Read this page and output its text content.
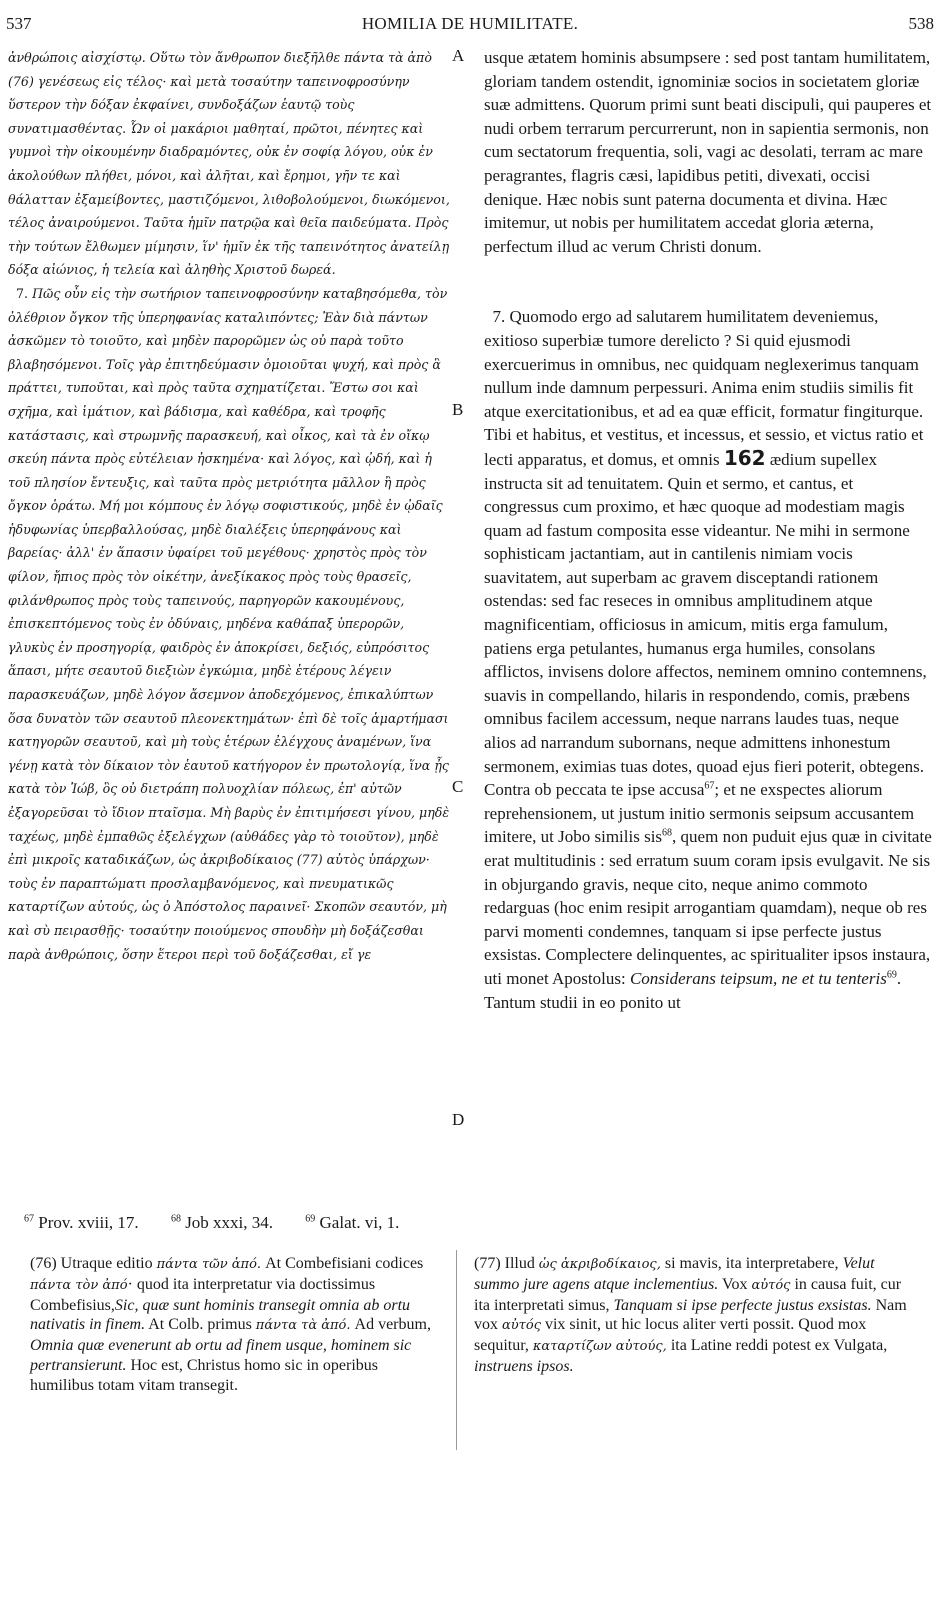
537	HOMILIA DE HUMILITATE.	538

ἀνθρώποις αἰσχίστῳ. Οὕτω τὸν ἄνθρωπον διεξῆλθε πάντα τὰ ἀπὸ (76) γενέσεως εἰς τέλος· καὶ μετὰ τοσαύτην ταπεινοφροσύνην ὕστερον τὴν δόξαν ἐκφαίνει, συνδοξάζων ἑαυτῷ τοὺς συνατιμασθέντας. Ὧν οἱ μακάριοι μαθηταί, πρῶτοι, πένητες καὶ γυμνοὶ τὴν οἰκουμένην διαδραμόντες, οὐκ ἐν σοφίᾳ λόγου, οὐκ ἐν ἀκολούθων πλήθει, μόνοι, καὶ ἀλῆται, καὶ ἔρημοι, γῆν τε καὶ θάλατταν ἐξαμείβοντες, μαστιζόμενοι, λιθοβολούμενοι, διωκόμενοι, τέλος ἀναιρούμενοι. Ταῦτα ἡμῖν πατρῷα καὶ θεῖα παιδεύματα. Πρὸς τὴν τούτων ἔλθωμεν μίμησιν, ἵν' ἡμῖν ἐκ τῆς ταπεινότητος ἀνατείλῃ δόξα αἰώνιος, ἡ τελεία καὶ ἀληθὴς Χριστοῦ δωρεά.

7. Πῶς οὖν εἰς τὴν σωτήριον ταπεινοφροσύνην καταβησόμεθα, τὸν ὀλέθριον ὄγκον τῆς ὑπερηφανίας καταλιπόντες; Ἐὰν διὰ πάντων ἀσκῶμεν τὸ τοιοῦτο, καὶ μηδὲν παρορῶμεν ὡς οὐ παρὰ τοῦτο βλαβησόμενοι. Τοῖς γὰρ ἐπιτηδεύμασιν ὁμοιοῦται ψυχή, καὶ πρὸς ἃ πράττει, τυποῦται, καὶ πρὸς ταῦτα σχηματίζεται. Ἔστω σοι καὶ σχῆμα, καὶ ἱμάτιον, καὶ βάδισμα, καὶ καθέδρα, καὶ τροφῆς κατάστασις, καὶ στρωμνῆς παρασκευή, καὶ οἶκος, καὶ τὰ ἐν οἴκῳ σκεύη πάντα πρὸς εὐτέλειαν ἠσκημένα· καὶ λόγος, καὶ ᾠδή, καὶ ἡ τοῦ πλησίον ἔντευξις, καὶ ταῦτα πρὸς μετριότητα μᾶλλον ἢ πρὸς ὄγκον ὁράτω. Μή μοι κόμπους ἐν λόγῳ σοφιστικούς, μηδὲ ἐν ᾠδαῖς ἡδυφωνίας ὑπερβαλλούσας, μηδὲ διαλέξεις ὑπερηφάνους καὶ βαρείας· ἀλλ' ἐν ἅπασιν ὑφαίρει τοῦ μεγέθους· χρηστὸς πρὸς τὸν φίλον, ἤπιος πρὸς τὸν οἰκέτην, ἀνεξίκακος πρὸς τοὺς θρασεῖς, φιλάνθρωπος πρὸς τοὺς ταπεινούς, παρηγορῶν κακουμένους, ἐπισκεπτόμενος τοὺς ἐν ὀδύναις, μηδένα καθάπαξ ὑπερορῶν, γλυκὺς ἐν προσηγορίᾳ, φαιδρὸς ἐν ἀποκρίσει, δεξιός, εὐπρόσιτος ἅπασι, μήτε σεαυτοῦ διεξιὼν ἐγκώμια, μηδὲ ἑτέρους λέγειν παρασκευάζων, μηδὲ λόγον ἄσεμνον ἀποδεχόμενος, ἐπικαλύπτων ὅσα δυνατὸν τῶν σεαυτοῦ πλεονεκτημάτων· ἐπὶ δὲ τοῖς ἁμαρτήμασι κατηγορῶν σεαυτοῦ, καὶ μὴ τοὺς ἑτέρων ἐλέγχους ἀναμένων, ἵνα γένῃ κατὰ τὸν δίκαιον τὸν ἑαυτοῦ κατήγορον ἐν πρωτολογίᾳ, ἵνα ᾖς κατὰ τὸν Ἰώβ, ὃς οὐ διετράπη πολυοχλίαν πόλεως, ἐπ' αὐτῶν ἐξαγορεῦσαι τὸ ἴδιον πταῖσμα. Μὴ βαρὺς ἐν ἐπιτιμήσεσι γίνου, μηδὲ ταχέως, μηδὲ ἐμπαθῶς ἐξελέγχων (αὐθάδες γὰρ τὸ τοιοῦτον), μηδὲ ἐπὶ μικροῖς καταδικάζων, ὡς ἀκριβοδίκαιος (77) αὐτὸς ὑπάρχων· τοὺς ἐν παραπτώματι προσλαμβανόμενος, καὶ πνευματικῶς καταρτίζων αὐτούς, ὡς ὁ Ἀπόστολος παραινεῖ· Σκοπῶν σεαυτόν, μὴ καὶ σὺ πειρασθῇς· τοσαύτην ποιούμενος σπουδὴν μὴ δοξάζεσθαι παρὰ ἀνθρώποις, ὅσην ἕτεροι περὶ τοῦ δοξάζεσθαι, εἴ γε

A
B
C
D

usque ætatem hominis absumpsere : sed post tantam humilitatem, gloriam tandem ostendit, ignominiæ socios in societatem gloriæ suæ admittens. Quorum primi sunt beati discipuli, qui pauperes et nudi orbem terrarum percurrerunt, non in sapientia sermonis, non cum sectatorum frequentia, soli, vagi ac desolati, terram ac mare peragrantes, flagris cæsi, lapidibus petiti, divexati, occisi denique. Hæc nobis sunt paterna documenta et divina. Hæc imitemur, ut nobis per humilitatem accedat gloria æterna, perfectum illud ac verum Christi donum.

7. Quomodo ergo ad salutarem humilitatem deveniemus, exitioso superbiæ tumore derelicto ? Si quid ejusmodi exercuerimus in omnibus, nec quidquam neglexerimus tanquam nullum inde damnum perpessuri. Anima enim studiis similis fit atque exercitationibus, et ad ea quæ efficit, formatur fingiturque. Tibi et habitus, et vestitus, et incessus, et sessio, et victus ratio et lecti apparatus, et domus, et omnis 162 ædium supellex instructa sit ad tenuitatem. Quin et sermo, et cantus, et congressus cum proximo, et hæc quoque ad modestiam magis quam ad fastum composita esse videantur. Ne mihi in sermone sophisticam jactantiam, aut in cantilenis nimiam vocis suavitatem, aut superbam ac gravem disceptandi rationem ostendas: sed fac reseces in omnibus amplitudinem atque magnificentiam, officiosus in amicum, mitis erga famulum, patiens erga petulantes, humanus erga humiles, consolans afflictos, invisens dolore affectos, neminem omnino contemnens, suavis in compellando, hilaris in respondendo, comis, præbens omnibus facilem accessum, neque narrans laudes tuas, neque alios ad narrandum subornans, neque admittens inhonestum sermonem, eximias tuas dotes, quoad ejus fieri poterit, obtegens. Contra ob peccata te ipse accusa$^{67}$; et ne exspectes aliorum reprehensionem, ut justum initio sermonis seipsum accusantem imitere, ut Jobo similis sis$^{68}$, quem non puduit ejus quæ in civitate erat multitudinis : sed erratum suum coram ipsis evulgavit. Ne sis in objurgando gravis, neque cito, neque animo commoto redarguas (hoc enim resipit arrogantiam quamdam), neque ob res parvi momenti condemnes, tanquam si ipse perfecte justus exsistas. Complectere delinquentes, ac spiritualiter ipsos instaura, uti monet Apostolus: Considerans teipsum, ne et tu tenteris$^{69}$. Tantum studii in eo ponito ut

$^{67}$ Prov. xviii, 17.	$^{68}$ Job xxxi, 34.	$^{69}$ Galat. vi, 1.
(76) Utraque editio πάντα τῶν ἀπό. At Combefisiani codices πάντα τὸν ἀπό· quod ita interpretatur via doctissimus Combefisius,Sic, quæ sunt hominis transegit omnia ab ortu nativatis in finem. At Colb. primus πάντα τὰ ἀπό. Ad verbum, Omnia quæ evenerunt ab ortu ad finem usque, hominem sic pertransierunt. Hoc est, Christus homo sic in operibus humilibus totam vitam transegit.
(77) Illud ὡς ἀκριβοδίκαιος, si mavis, ita interpretabere, Velut summo jure agens atque inclementius. Vox αὐτός in causa fuit, cur ita interpretati simus, Tanquam si ipse perfecte justus exsistas. Nam vox αὐτός vix sinit, ut hic locus aliter verti possit. Quod mox sequitur, καταρτίζων αὐτούς, ita Latine reddi potest ex Vulgata, instruens ipsos.
